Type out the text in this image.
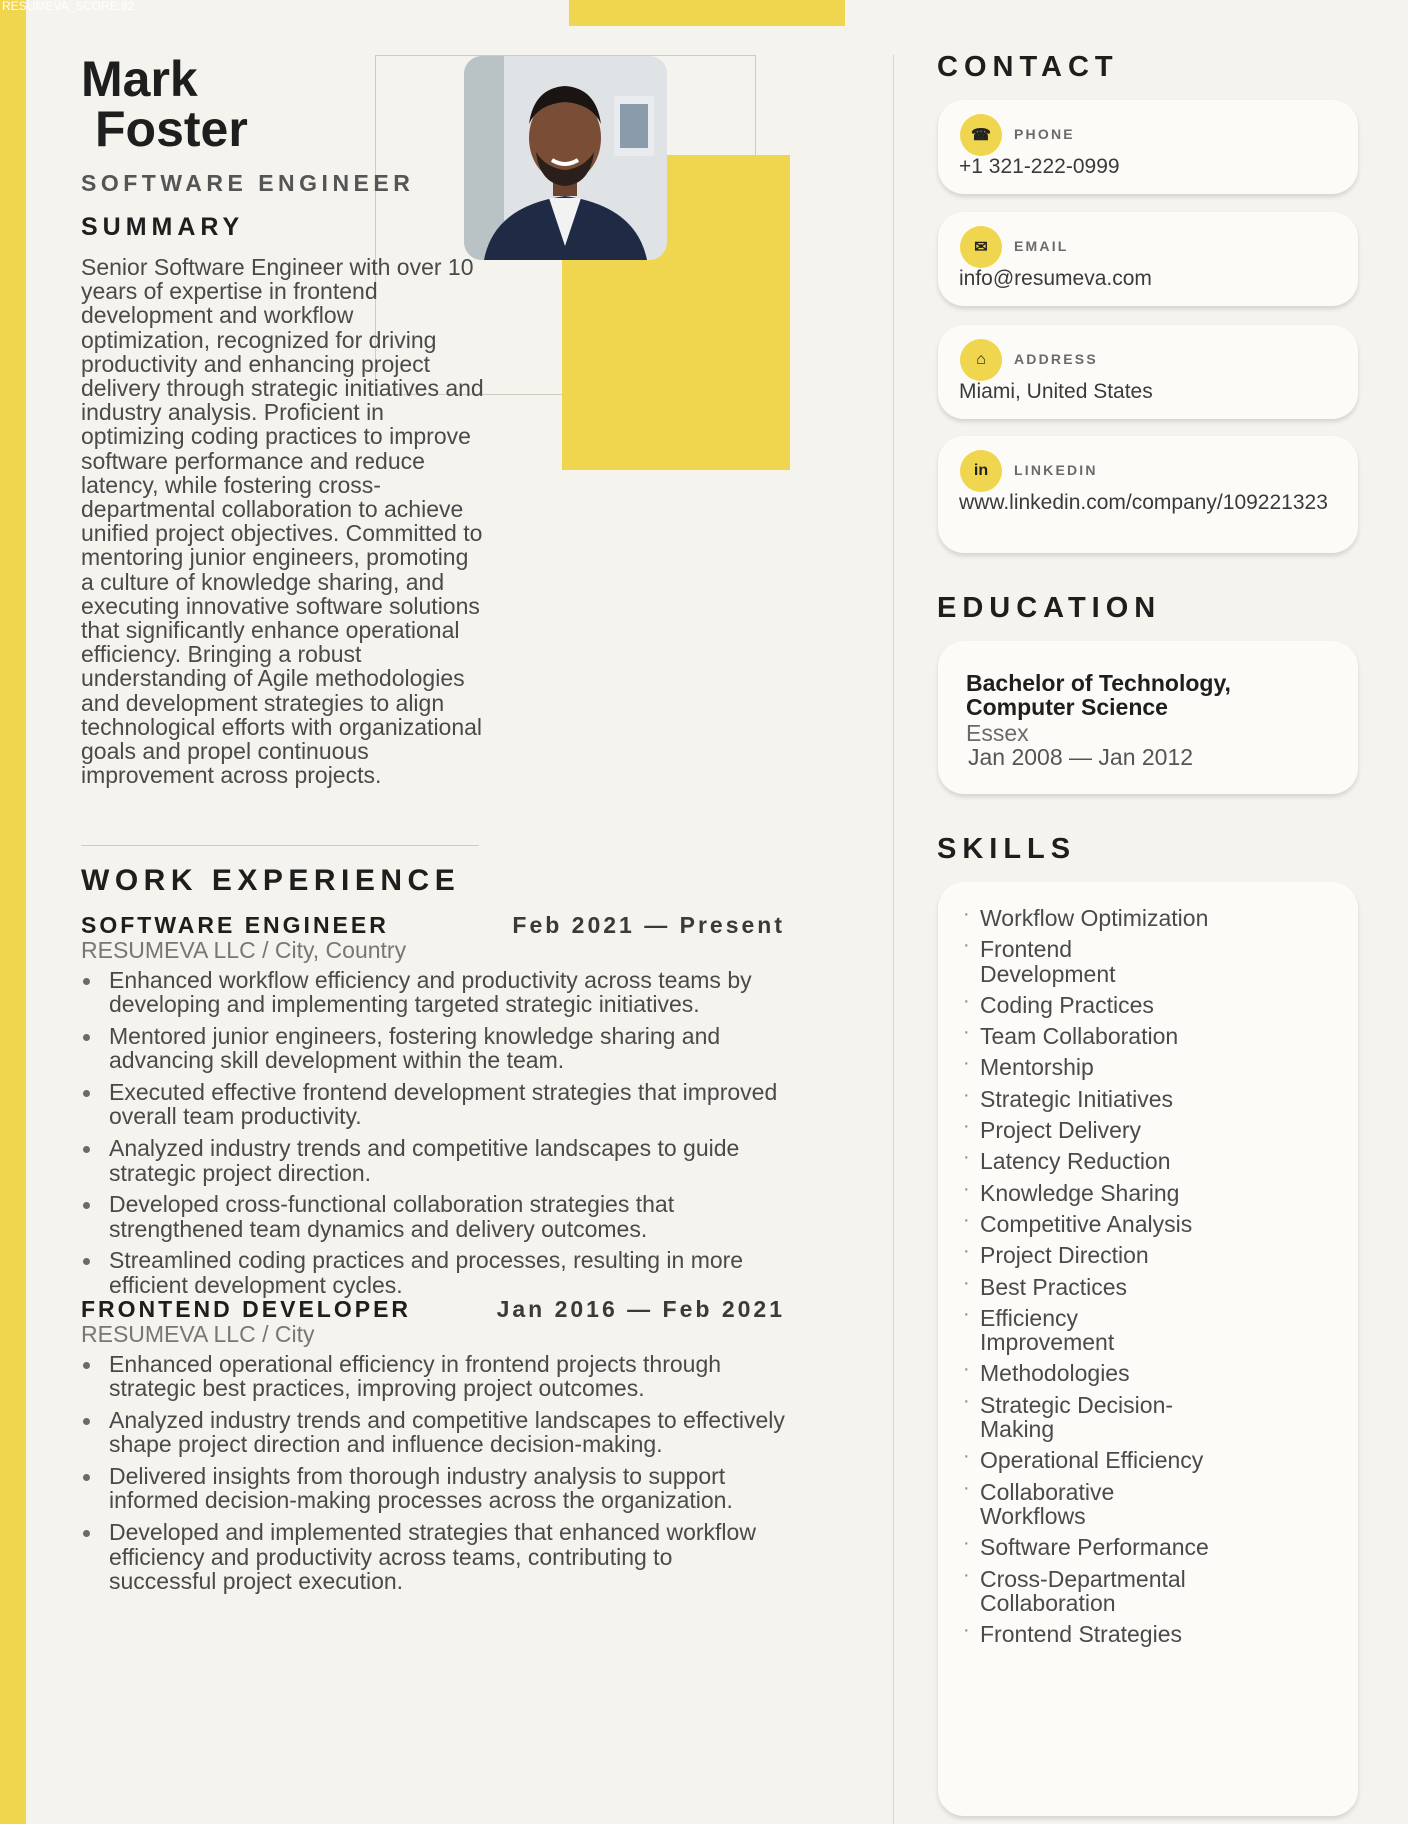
RESUMEVA_SCORE:82
Mark
Foster
SOFTWARE ENGINEER
SUMMARY
Senior Software Engineer with over 10 years of expertise in frontend development and workflow optimization, recognized for driving productivity and enhancing project delivery through strategic initiatives and industry analysis. Proficient in optimizing coding practices to improve software performance and reduce latency, while fostering cross-departmental collaboration to achieve unified project objectives. Committed to mentoring junior engineers, promoting a culture of knowledge sharing, and executing innovative software solutions that significantly enhance operational efficiency. Bringing a robust understanding of Agile methodologies and development strategies to align technological efforts with organizational goals and propel continuous improvement across projects.
WORK EXPERIENCE
SOFTWARE ENGINEER	Feb 2021 — Present
RESUMEVA LLC / City, Country
Enhanced workflow efficiency and productivity across teams by developing and implementing targeted strategic initiatives.
Mentored junior engineers, fostering knowledge sharing and advancing skill development within the team.
Executed effective frontend development strategies that improved overall team productivity.
Analyzed industry trends and competitive landscapes to guide strategic project direction.
Developed cross-functional collaboration strategies that strengthened team dynamics and delivery outcomes.
Streamlined coding practices and processes, resulting in more efficient development cycles.
FRONTEND DEVELOPER	Jan 2016 — Feb 2021
RESUMEVA LLC / City
Enhanced operational efficiency in frontend projects through strategic best practices, improving project outcomes.
Analyzed industry trends and competitive landscapes to effectively shape project direction and influence decision-making.
Delivered insights from thorough industry analysis to support informed decision-making processes across the organization.
Developed and implemented strategies that enhanced workflow efficiency and productivity across teams, contributing to successful project execution.
CONTACT
☎	PHONE
+1 321-222-0999
✉	EMAIL
info@resumeva.com
⌂	ADDRESS
Miami, United States
in	LINKEDIN
www.linkedin.com/company/109221323
EDUCATION
Bachelor of Technology, Computer Science
Essex
Jan 2008 — Jan 2012
SKILLS
· Workflow Optimization
· Frontend Development
· Coding Practices
· Team Collaboration
· Mentorship
· Strategic Initiatives
· Project Delivery
· Latency Reduction
· Knowledge Sharing
· Competitive Analysis
· Project Direction
· Best Practices
· Efficiency Improvement
· Methodologies
· Strategic Decision-Making
· Operational Efficiency
· Collaborative Workflows
· Software Performance
· Cross-Departmental Collaboration
· Frontend Strategies
